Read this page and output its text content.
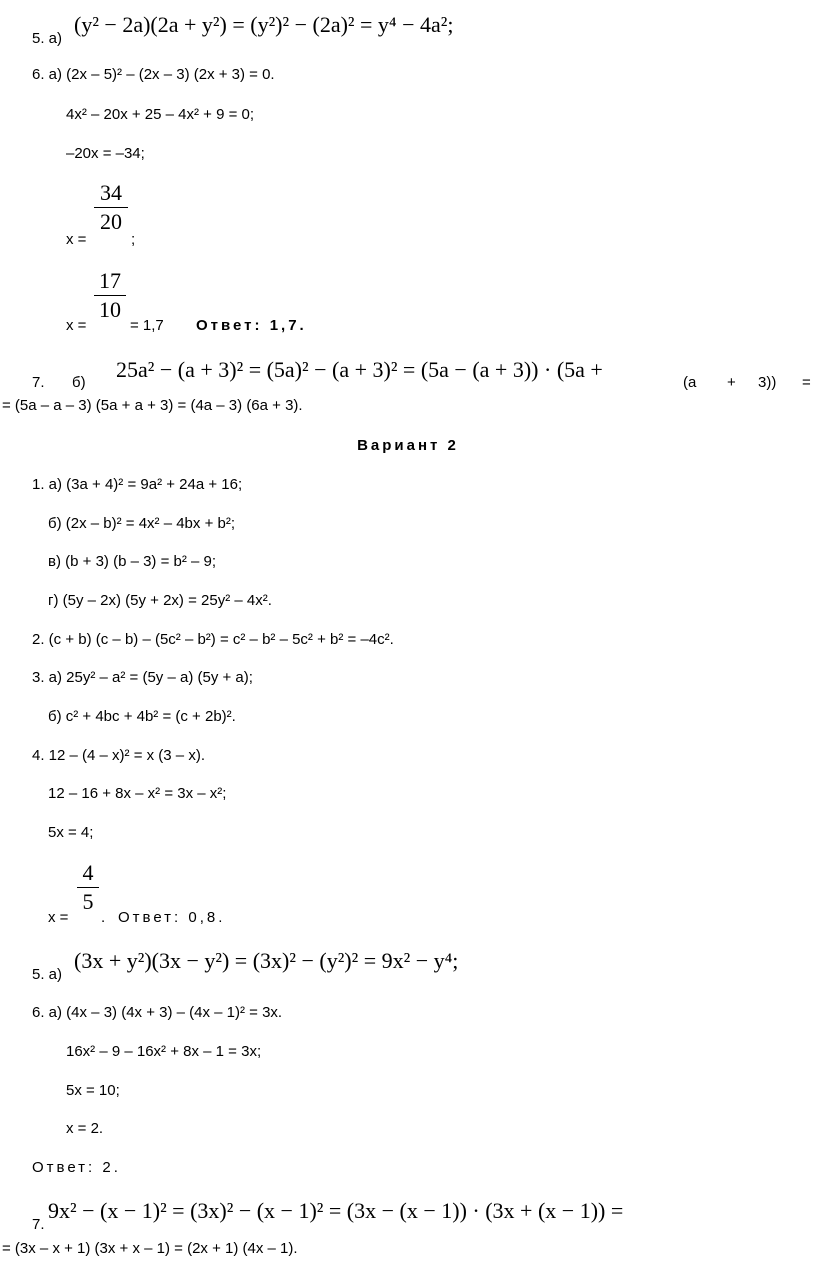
5. а)
(y² − 2a)(2a + y²) = (y²)² − (2a)² = y⁴ − 4a²;
6. а) (2x – 5)² – (2x – 3) (2x + 3) = 0.
4x² – 20x + 25 – 4x² + 9 = 0;
–20x = –34;
x =
34
20
;
x =
17
10
= 1,7 Ответ: 1,7.
7. б)
25a² − (a + 3)² = (5a)² − (a + 3)² = (5a − (a + 3)) · (5a +
(a + 3)) =
= (5a – a – 3) (5a + a + 3) = (4a – 3) (6a + 3).
Вариант 2
1. а) (3a + 4)² = 9a² + 24a + 16;
б) (2x – b)² = 4x² – 4bx + b²;
в) (b + 3) (b – 3) = b² – 9;
г) (5y – 2x) (5y + 2x) = 25y² – 4x².
2. (c + b) (c – b) – (5c² – b²) = c² – b² – 5c² + b² = –4c².
3. а) 25y² – a² = (5y – a) (5y + a);
б) c² + 4bc + 4b² = (c + 2b)².
4. 12 – (4 – x)² = x (3 – x).
12 – 16 + 8x – x² = 3x – x²;
5x = 4;
x =
4
5
. Ответ: 0,8.
5. а)
(3x + y²)(3x − y²) = (3x)² − (y²)² = 9x² − y⁴;
6. а) (4x – 3) (4x + 3) – (4x – 1)² = 3x.
16x² – 9 – 16x² + 8x – 1 = 3x;
5x = 10;
x = 2.
Ответ: 2.
7.
9x² − (x − 1)² = (3x)² − (x − 1)² = (3x − (x − 1)) · (3x + (x − 1)) =
= (3x – x + 1) (3x + x – 1) = (2x + 1) (4x – 1).
